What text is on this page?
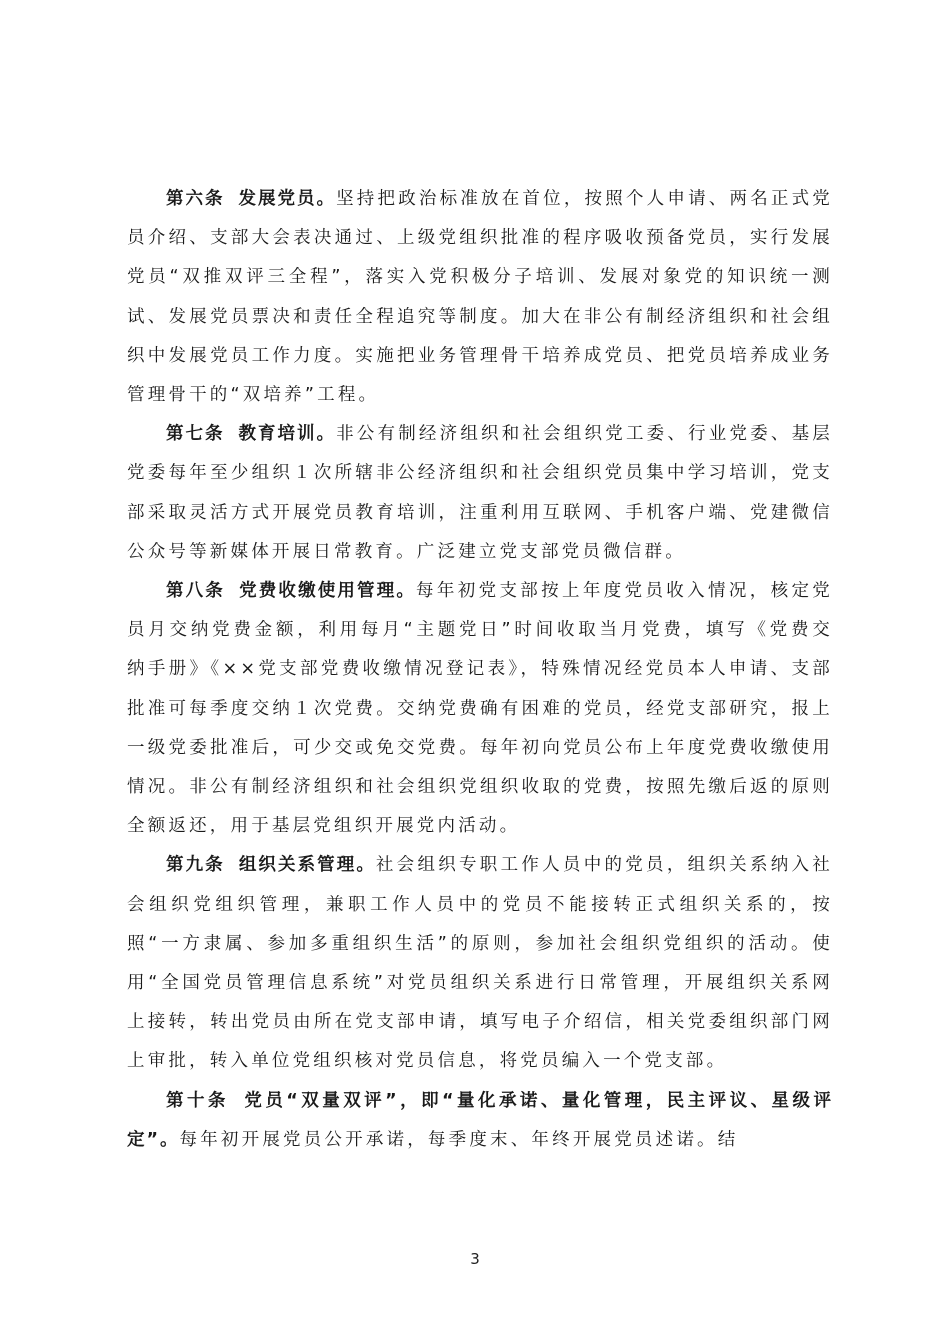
第六条 发展党员。坚持把政治标准放在首位，按照个人申请、两名正式党员介绍、支部大会表决通过、上级党组织批准的程序吸收预备党员，实行发展党员“双推双评三全程”，落实入党积极分子培训、发展对象党的知识统一测试、发展党员票决和责任全程追究等制度。加大在非公有制经济组织和社会组织中发展党员工作力度。实施把业务管理骨干培养成党员、把党员培养成业务管理骨干的“双培养”工程。

第七条 教育培训。非公有制经济组织和社会组织党工委、行业党委、基层党委每年至少组织１次所辖非公经济组织和社会组织党员集中学习培训，党支部采取灵活方式开展党员教育培训，注重利用互联网、手机客户端、党建微信公众号等新媒体开展日常教育。广泛建立党支部党员微信群。

第八条 党费收缴使用管理。每年初党支部按上年度党员收入情况，核定党员月交纳党费金额，利用每月“主题党日”时间收取当月党费，填写《党费交纳手册》《××党支部党费收缴情况登记表》，特殊情况经党员本人申请、支部批准可每季度交纳１次党费。交纳党费确有困难的党员，经党支部研究，报上一级党委批准后，可少交或免交党费。每年初向党员公布上年度党费收缴使用情况。非公有制经济组织和社会组织党组织收取的党费，按照先缴后返的原则全额返还，用于基层党组织开展党内活动。

第九条 组织关系管理。社会组织专职工作人员中的党员，组织关系纳入社会组织党组织管理，兼职工作人员中的党员不能接转正式组织关系的，按照“一方隶属、参加多重组织生活”的原则，参加社会组织党组织的活动。使用“全国党员管理信息系统”对党员组织关系进行日常管理，开展组织关系网上接转，转出党员由所在党支部申请，填写电子介绍信，相关党委组织部门网上审批，转入单位党组织核对党员信息，将党员编入一个党支部。

第十条 党员“双量双评”，即“量化承诺、量化管理，民主评议、星级评定”。每年初开展党员公开承诺，每季度末、年终开展党员述诺。结

3
